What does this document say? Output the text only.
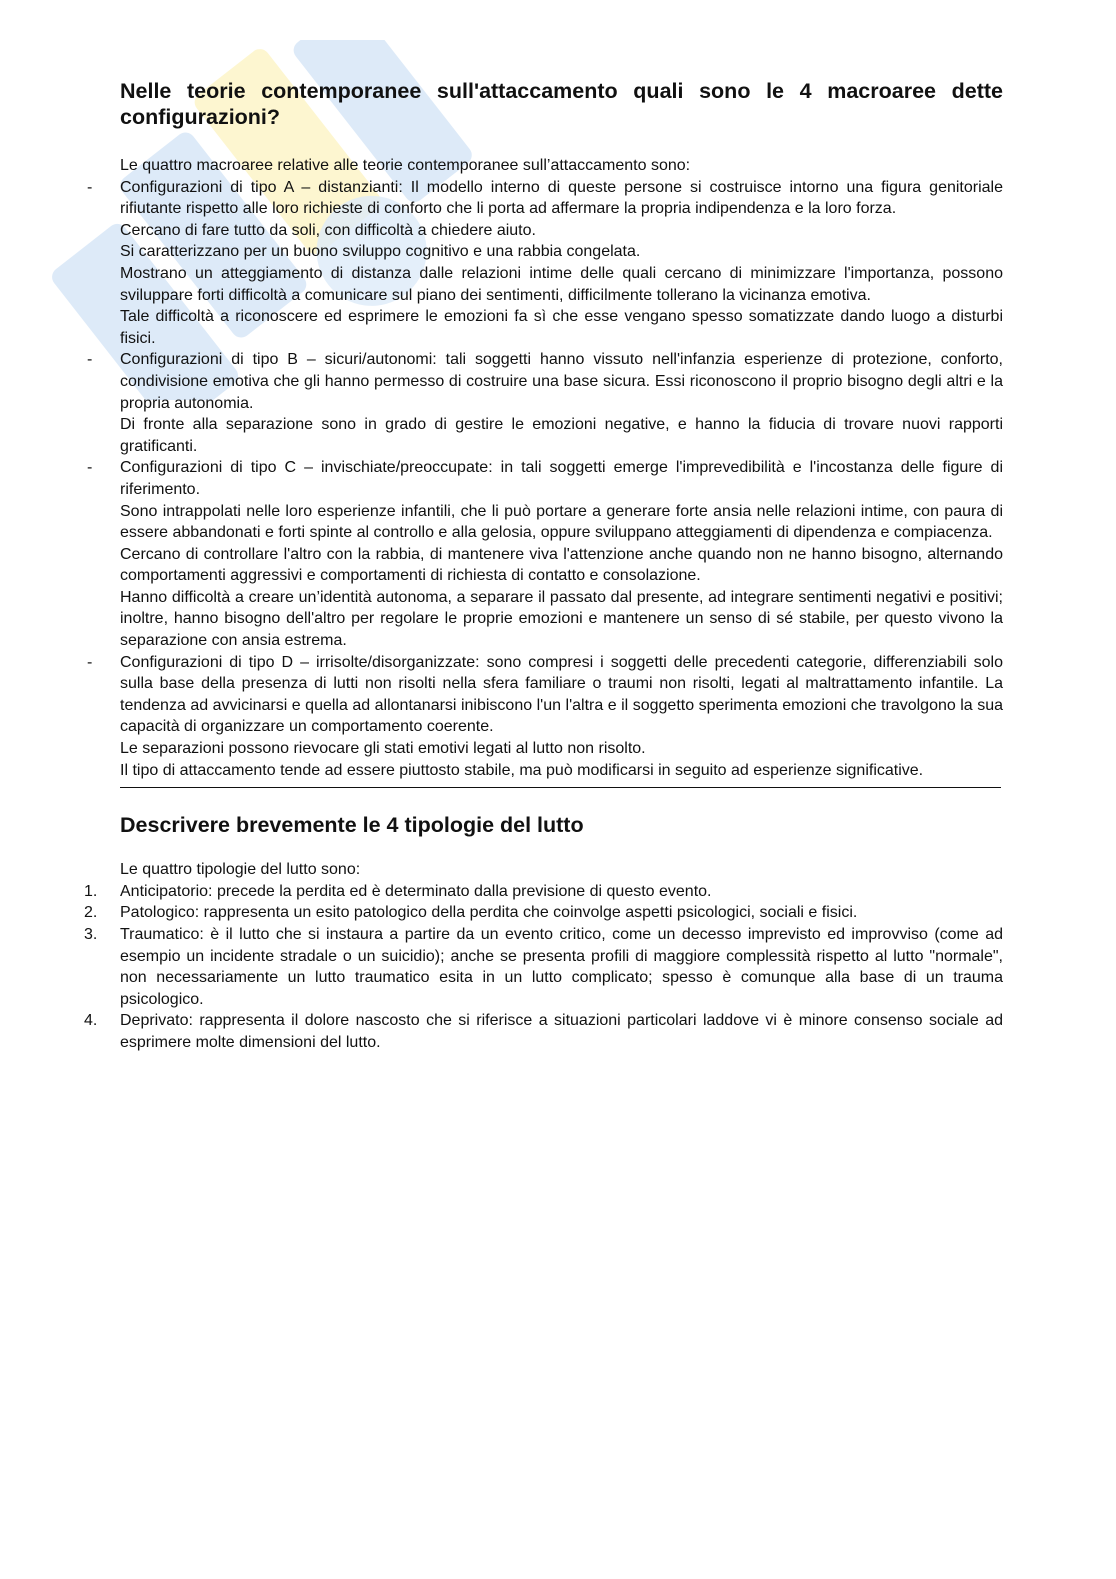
Nelle teorie contemporanee sull'attaccamento quali sono le 4 macroaree dette configurazioni?

Le quattro macroaree relative alle teorie contemporanee sull’attaccamento sono:

-	Configurazioni di tipo A – distanzianti: Il modello interno di queste persone si costruisce intorno una figura genitoriale rifiutante rispetto alle loro richieste di conforto che li porta ad affermare la propria indipendenza e la loro forza.

Cercano di fare tutto da soli, con difficoltà a chiedere aiuto.

Si caratterizzano per un buono sviluppo cognitivo e una rabbia congelata.

Mostrano un atteggiamento di distanza dalle relazioni intime delle quali cercano di minimizzare l'importanza, possono sviluppare forti difficoltà a comunicare sul piano dei sentimenti, difficilmente tollerano la vicinanza emotiva.

Tale difficoltà a riconoscere ed esprimere le emozioni fa sì che esse vengano spesso somatizzate dando luogo a disturbi fisici.

-	Configurazioni di tipo B – sicuri/autonomi: tali soggetti hanno vissuto nell'infanzia esperienze di protezione, conforto, condivisione emotiva che gli hanno permesso di costruire una base sicura. Essi riconoscono il proprio bisogno degli altri e la propria autonomia.

Di fronte alla separazione sono in grado di gestire le emozioni negative, e hanno la fiducia di trovare nuovi rapporti gratificanti.

-	Configurazioni di tipo C – invischiate/preoccupate: in tali soggetti emerge l'imprevedibilità e l'incostanza delle figure di riferimento.

Sono intrappolati nelle loro esperienze infantili, che li può portare a generare forte ansia nelle relazioni intime, con paura di essere abbandonati e forti spinte al controllo e alla gelosia, oppure sviluppano atteggiamenti di dipendenza e compiacenza.

Cercano di controllare l'altro con la rabbia, di mantenere viva l'attenzione anche quando non ne hanno bisogno, alternando comportamenti aggressivi e comportamenti di richiesta di contatto e consolazione.

Hanno difficoltà a creare un’identità autonoma, a separare il passato dal presente, ad integrare sentimenti negativi e positivi; inoltre, hanno bisogno dell'altro per regolare le proprie emozioni e mantenere un senso di sé stabile, per questo vivono la separazione con ansia estrema.

-	Configurazioni di tipo D – irrisolte/disorganizzate: sono compresi i soggetti delle precedenti categorie, differenziabili solo sulla base della presenza di lutti non risolti nella sfera familiare o traumi non risolti, legati al maltrattamento infantile. La tendenza ad avvicinarsi e quella ad allontanarsi inibiscono l'un l'altra e il soggetto sperimenta emozioni che travolgono la sua capacità di organizzare un comportamento coerente.

Le separazioni possono rievocare gli stati emotivi legati al lutto non risolto.

Il tipo di attaccamento tende ad essere piuttosto stabile, ma può modificarsi in seguito ad esperienze significative.

Descrivere brevemente le 4 tipologie del lutto

Le quattro tipologie del lutto sono:

1.	Anticipatorio: precede la perdita ed è determinato dalla previsione di questo evento.

2.	Patologico: rappresenta un esito patologico della perdita che coinvolge aspetti psicologici, sociali e fisici.

3.	Traumatico: è il lutto che si instaura a partire da un evento critico, come un decesso imprevisto ed improvviso (come ad esempio un incidente stradale o un suicidio); anche se presenta profili di maggiore complessità rispetto al lutto "normale", non necessariamente un lutto traumatico esita in un lutto complicato; spesso è comunque alla base di un trauma psicologico.

4.	Deprivato: rappresenta il dolore nascosto che si riferisce a situazioni particolari laddove vi è minore consenso sociale ad esprimere molte dimensioni del lutto.
